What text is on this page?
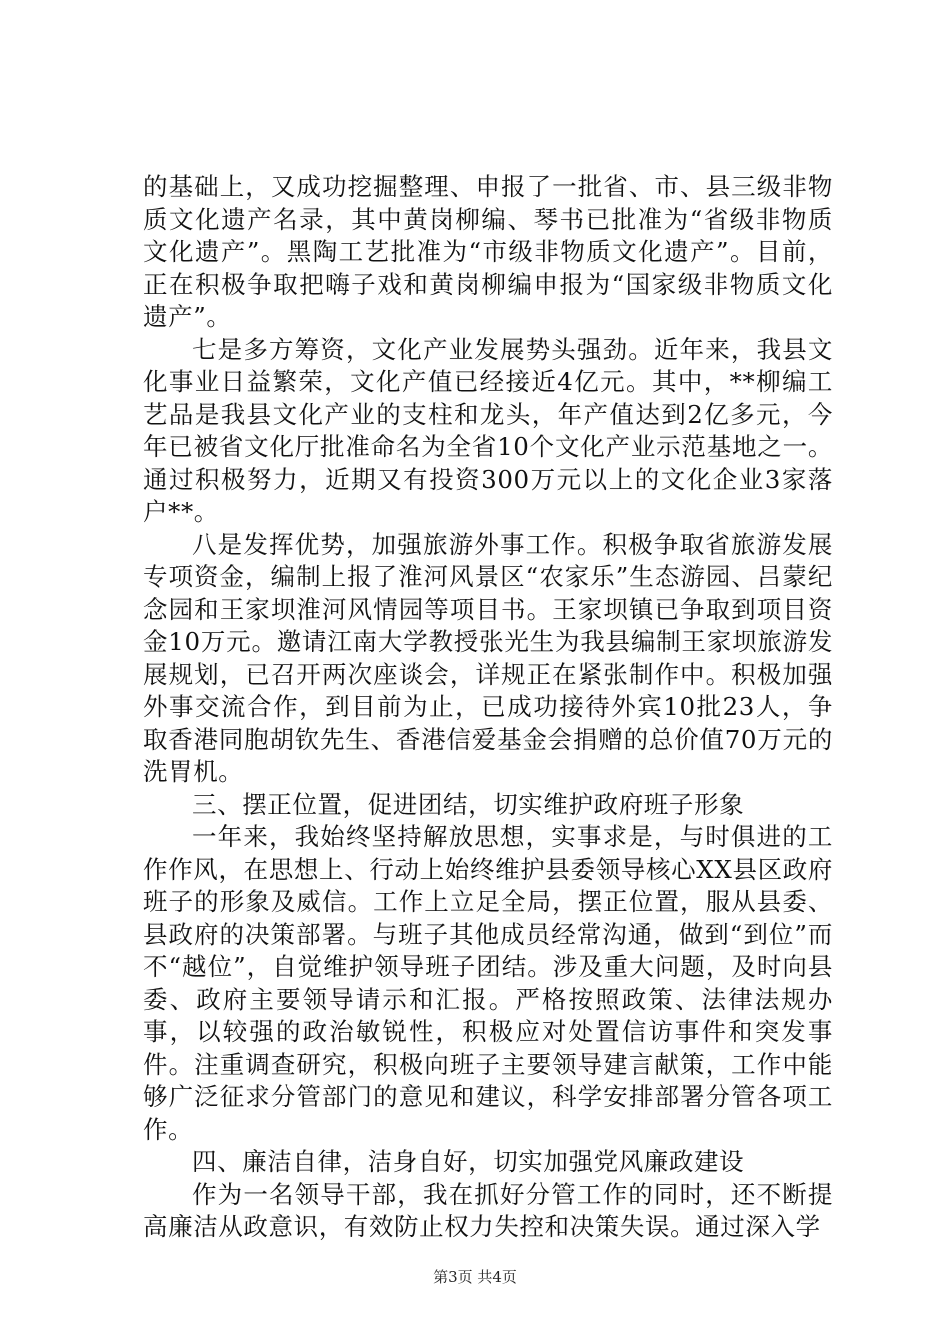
的基础上，又成功挖掘整理、申报了一批省、市、县三级非物质文化遗产名录，其中黄岗柳编、琴书已批准为“省级非物质文化遗产”。黑陶工艺批准为“市级非物质文化遗产”。目前，正在积极争取把嗨子戏和黄岗柳编申报为“国家级非物质文化遗产”。

七是多方筹资，文化产业发展势头强劲。近年来，我县文化事业日益繁荣，文化产值已经接近4亿元。其中，**柳编工艺品是我县文化产业的支柱和龙头，年产值达到2亿多元，今年已被省文化厅批准命名为全省10个文化产业示范基地之一。通过积极努力，近期又有投资300万元以上的文化企业3家落户**。

八是发挥优势，加强旅游外事工作。积极争取省旅游发展专项资金，编制上报了淮河风景区“农家乐”生态游园、吕蒙纪念园和王家坝淮河风情园等项目书。王家坝镇已争取到项目资金10万元。邀请江南大学教授张光生为我县编制王家坝旅游发展规划，已召开两次座谈会，详规正在紧张制作中。积极加强外事交流合作，到目前为止，已成功接待外宾10批23人，争取香港同胞胡钦先生、香港信爱基金会捐赠的总价值70万元的洗胃机。

三、摆正位置，促进团结，切实维护政府班子形象

一年来，我始终坚持解放思想，实事求是，与时俱进的工作作风，在思想上、行动上始终维护县委领导核心XX县区政府班子的形象及威信。工作上立足全局，摆正位置，服从县委、县政府的决策部署。与班子其他成员经常沟通，做到“到位”而不“越位”，自觉维护领导班子团结。涉及重大问题，及时向县委、政府主要领导请示和汇报。严格按照政策、法律法规办事，以较强的政治敏锐性，积极应对处置信访事件和突发事件。注重调查研究，积极向班子主要领导建言献策，工作中能够广泛征求分管部门的意见和建议，科学安排部署分管各项工作。

四、廉洁自律，洁身自好，切实加强党风廉政建设

作为一名领导干部，我在抓好分管工作的同时，还不断提高廉洁从政意识，有效防止权力失控和决策失误。通过深入学

第3页 共4页
